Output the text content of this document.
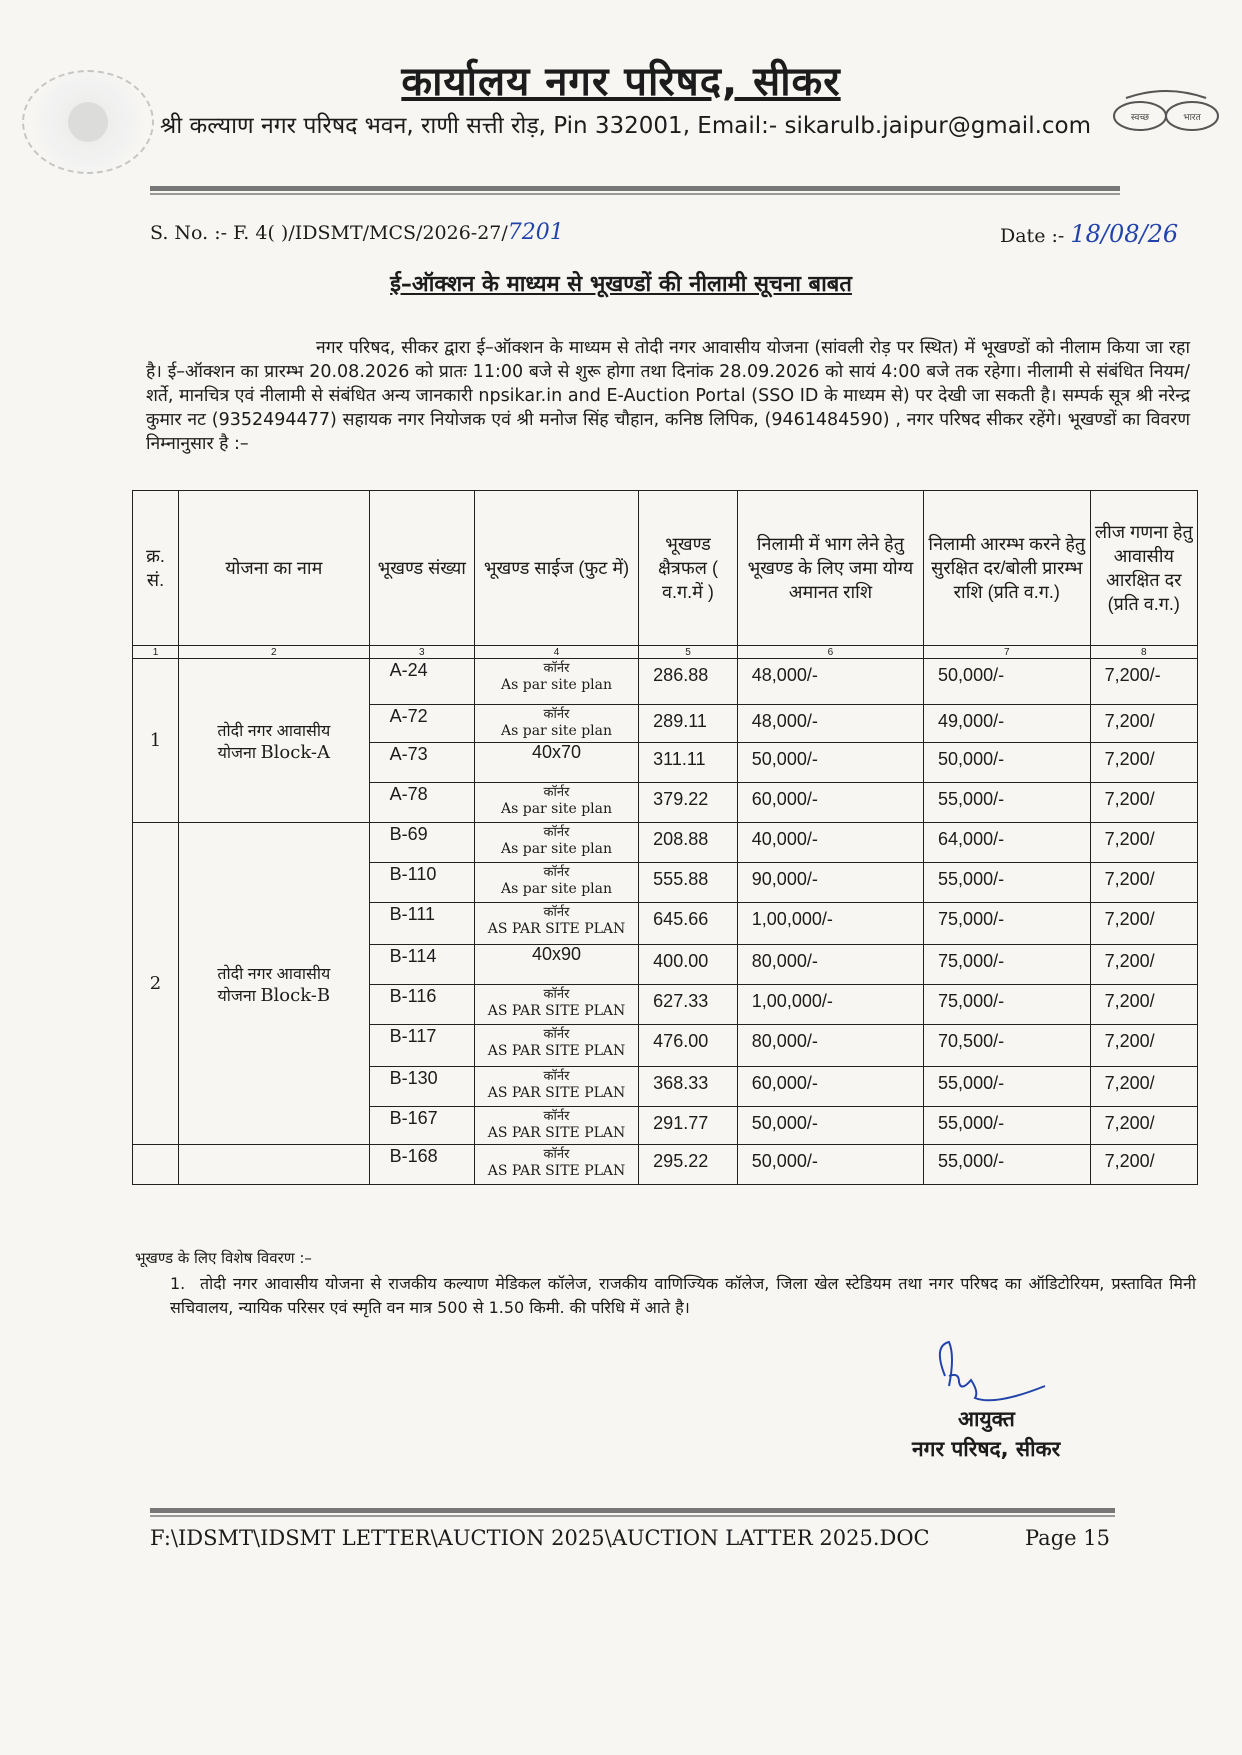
कार्यालय नगर परिषद, सीकर
श्री कल्याण नगर परिषद भवन, राणी सत्ती रोड़, Pin 332001, Email:- sikarulb.jaipur@gmail.com	स्वच्छ	भारत
S. No. :- F. 4( )/IDSMT/MCS/2026-27/7201	Date :- 18/08/26
ई–ऑक्शन के माध्यम से भूखण्डों की नीलामी सूचना बाबत
नगर परिषद, सीकर द्वारा ई–ऑक्शन के माध्यम से तोदी नगर आवासीय योजना (सांवली रोड़ पर स्थित) में भूखण्डों को नीलाम किया जा रहा है। ई–ऑक्शन का प्रारम्भ 20.08.2026 को प्रातः 11:00 बजे से शुरू होगा तथा दिनांक 28.09.2026 को सायं 4:00 बजे तक रहेगा। नीलामी से संबंधित नियम/शर्ते, मानचित्र एवं नीलामी से संबंधित अन्य जानकारी npsikar.in and E-Auction Portal (SSO ID के माध्यम से) पर देखी जा सकती है। सम्पर्क सूत्र श्री नरेन्द्र कुमार नट (9352494477) सहायक नगर नियोजक एवं श्री मनोज सिंह चौहान, कनिष्ठ लिपिक, (9461484590) , नगर परिषद सीकर रहेंगे। भूखण्डों का विवरण निम्नानुसार है :–
क्र. सं.	योजना का नाम	भूखण्ड संख्या	भूखण्ड साईज (फुट में)	भूखण्ड क्षैत्रफल ( व.ग.में )	निलामी में भाग लेने हेतु भूखण्ड के लिए जमा योग्य अमानत राशि	निलामी आरम्भ करने हेतु सुरक्षित दर/बोली प्रारम्भ राशि (प्रति व.ग.)	लीज गणना हेतु आवासीय आरक्षित दर (प्रति व.ग.)
1	2	3	4	5	6	7	8
1	तोदी नगर आवासीय
योजना Block-A	A-24	कॉर्नर
As par site plan	286.88	48,000/-	50,000/-	7,200/-
		A-72	कॉर्नर
As par site plan	289.11	48,000/-	49,000/-	7,200/
		A-73	40x70	311.11	50,000/-	50,000/-	7,200/
		A-78	कॉर्नर
As par site plan	379.22	60,000/-	55,000/-	7,200/
2	तोदी नगर आवासीय
योजना Block-B	B-69	कॉर्नर
As par site plan	208.88	40,000/-	64,000/-	7,200/
		B-110	कॉर्नर
As par site plan	555.88	90,000/-	55,000/-	7,200/
		B-111	कॉर्नर
AS PAR SITE PLAN	645.66	1,00,000/-	75,000/-	7,200/
		B-114	40x90	400.00	80,000/-	75,000/-	7,200/
		B-116	कॉर्नर
AS PAR SITE PLAN	627.33	1,00,000/-	75,000/-	7,200/
		B-117	कॉर्नर
AS PAR SITE PLAN	476.00	80,000/-	70,500/-	7,200/
		B-130	कॉर्नर
AS PAR SITE PLAN	368.33	60,000/-	55,000/-	7,200/
		B-167	कॉर्नर
AS PAR SITE PLAN	291.77	50,000/-	55,000/-	7,200/
		B-168	कॉर्नर
AS PAR SITE PLAN	295.22	50,000/-	55,000/-	7,200/
भूखण्ड के लिए विशेष विवरण :–
1. तोदी नगर आवासीय योजना से राजकीय कल्याण मेडिकल कॉलेज, राजकीय वाणिज्यिक कॉलेज, जिला खेल स्टेडियम तथा नगर परिषद का ऑडिटोरियम, प्रस्तावित मिनी सचिवालय, न्यायिक परिसर एवं स्मृति वन मात्र 500 से 1.50 किमी. की परिधि में आते है।
आयुक्त
नगर परिषद, सीकर
F:\IDSMT\IDSMT LETTER\AUCTION 2025\AUCTION LATTER 2025.DOC	Page 15
